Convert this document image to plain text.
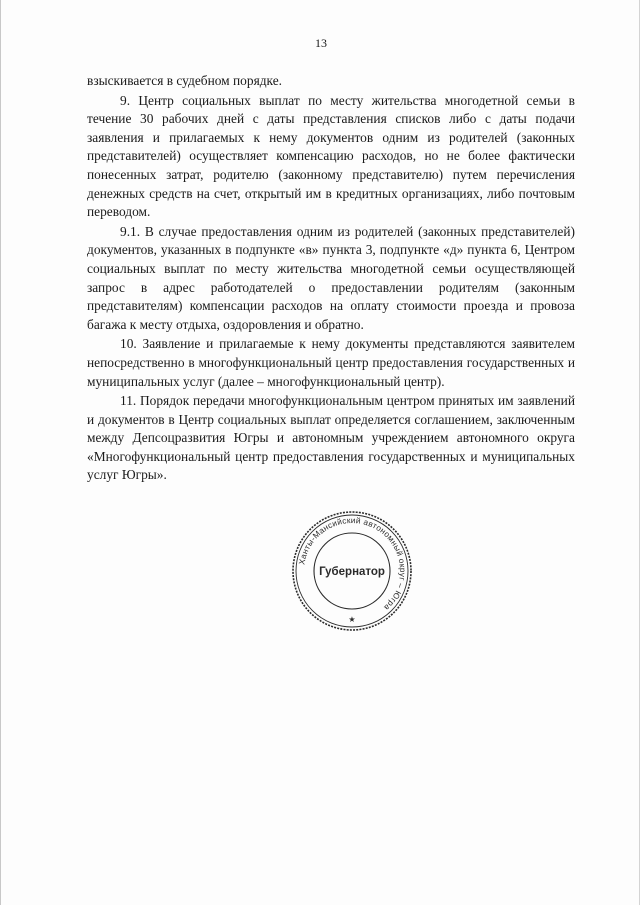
13

взыскивается в судебном порядке.

9. Центр социальных выплат по месту жительства многодетной семьи в течение 30 рабочих дней с даты представления списков либо с даты подачи заявления и прилагаемых к нему документов одним из родителей (законных представителей) осуществляет компенсацию расходов, но не более фактически понесенных затрат, родителю (законному представителю) путем перечисления денежных средств на счет, открытый им в кредитных организациях, либо почтовым переводом.

9.1. В случае предоставления одним из родителей (законных представителей) документов, указанных в подпункте «в» пункта 3, подпункте «д» пункта 6, Центром социальных выплат по месту жительства многодетной семьи осуществляющей запрос в адрес работодателей о предоставлении родителям (законным представителям) компенсации расходов на оплату стоимости проезда и провоза багажа к месту отдыха, оздоровления и обратно.

10. Заявление и прилагаемые к нему документы представляются заявителем непосредственно в многофункциональный центр предоставления государственных и муниципальных услуг (далее – многофункциональный центр).

11. Порядок передачи многофункциональным центром принятых им заявлений и документов в Центр социальных выплат определяется соглашением, заключенным между Депсоцразвития Югры и автономным учреждением автономного округа «Многофункциональный центр предоставления государственных и муниципальных услуг Югры».

Ханты-Мансийский автономный округ – Югра
Губернатор
★
